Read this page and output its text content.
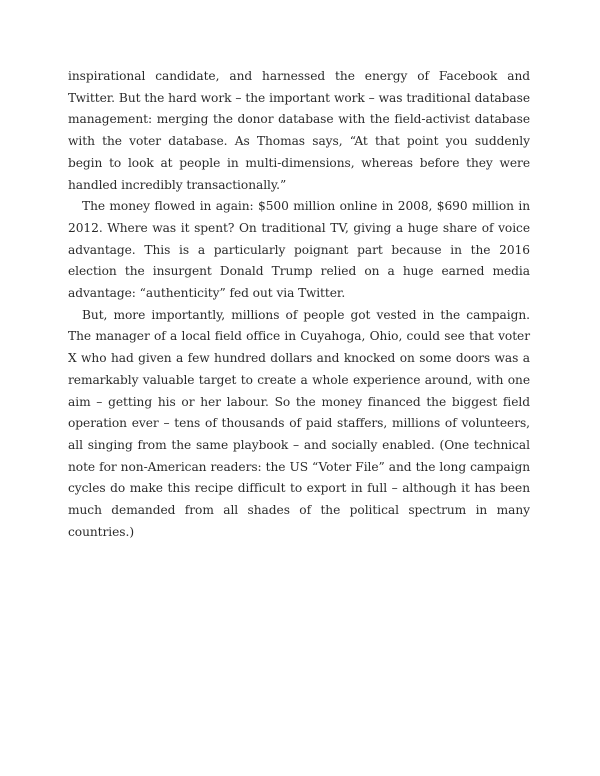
inspirational candidate, and harnessed the energy of Facebook and Twitter. But the hard work – the important work – was traditional database management: merging the donor database with the field-activist database with the voter database. As Thomas says, “At that point you suddenly begin to look at people in multi-dimensions, whereas before they were handled incredibly transactionally.”

The money flowed in again: $500 million online in 2008, $690 million in 2012. Where was it spent? On traditional TV, giving a huge share of voice advantage. This is a particularly poignant part because in the 2016 election the insurgent Donald Trump relied on a huge earned media advantage: “authenticity” fed out via Twitter.

But, more importantly, millions of people got vested in the campaign. The manager of a local field office in Cuyahoga, Ohio, could see that voter X who had given a few hundred dollars and knocked on some doors was a remarkably valuable target to create a whole experience around, with one aim – getting his or her labour. So the money financed the biggest field operation ever – tens of thousands of paid staffers, millions of volunteers, all singing from the same playbook – and socially enabled. (One technical note for non-American readers: the US “Voter File” and the long campaign cycles do make this recipe difficult to export in full – although it has been much demanded from all shades of the political spectrum in many countries.)
